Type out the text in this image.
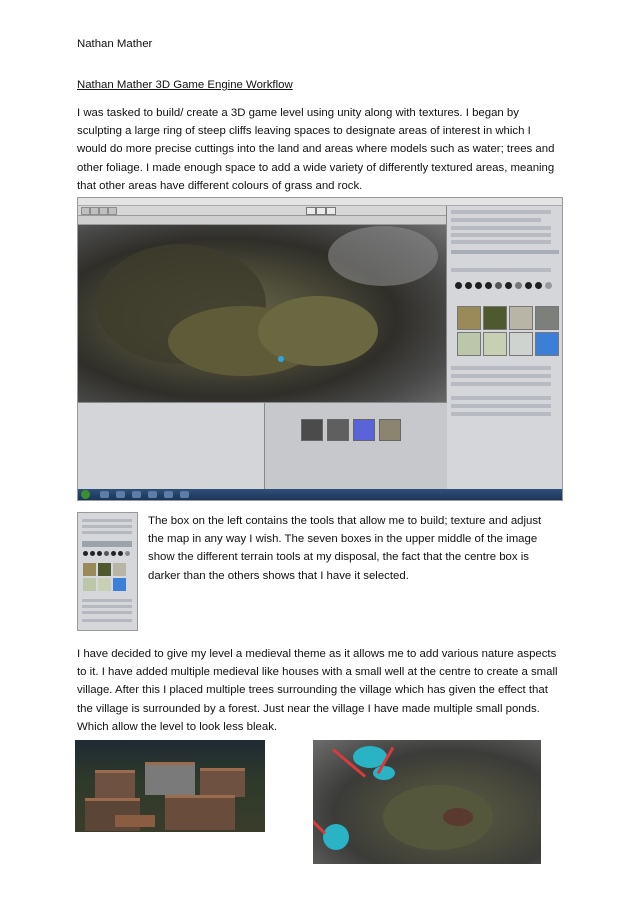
Nathan Mather
Nathan Mather 3D Game Engine Workflow
I was tasked to build/ create a 3D game level using unity along with textures. I began by sculpting a large ring of steep cliffs leaving spaces to designate areas of interest in which I would do more precise cuttings into the land and areas where models such as water; trees and other foliage. I made enough space to add a wide variety of differently textured areas, meaning that other areas have different colours of grass and rock.
The box on the left contains the tools that allow me to build; texture and adjust the map in any way I wish. The seven boxes in the upper middle of the image show the different terrain tools at my disposal, the fact that the centre box is darker than the others shows that I have it selected.
I have decided to give my level a medieval theme as it allows me to add various nature aspects to it. I have added multiple medieval like houses with a small well at the centre to create a small village. After this I placed multiple trees surrounding the village which has given the effect that the village is surrounded by a forest. Just near the village I have made multiple small ponds. Which allow the level to look less bleak.
